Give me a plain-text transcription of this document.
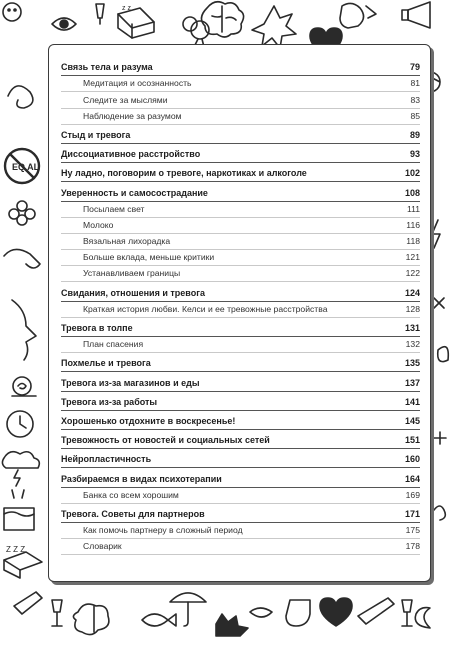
z z
EQ AL
Z Z Z
Связь тела и разума	79
Медитация и осознанность	81
Следите за мыслями	83
Наблюдение за разумом	85
Стыд и тревога	89
Диссоциативное расстройство	93
Ну ладно, поговорим о тревоге, наркотиках и алкоголе	102
Уверенность и самосострадание	108
Посылаем свет	111
Молоко	116
Вязальная лихорадка	118
Больше вклада, меньше критики	121
Устанавливаем границы	122
Свидания, отношения и тревога	124
Краткая история любви. Келси и ее тревожные расстройства	128
Тревога в толпе	131
План спасения	132
Похмелье и тревога	135
Тревога из-за магазинов и еды	137
Тревога из-за работы	141
Хорошенько отдохните в воскресенье!	145
Тревожность от новостей и социальных сетей	151
Нейропластичность	160
Разбираемся в видах психотерапии	164
Банка со всем хорошим	169
Тревога. Советы для партнеров	171
Как помочь партнеру в сложный период	175
Словарик	178
